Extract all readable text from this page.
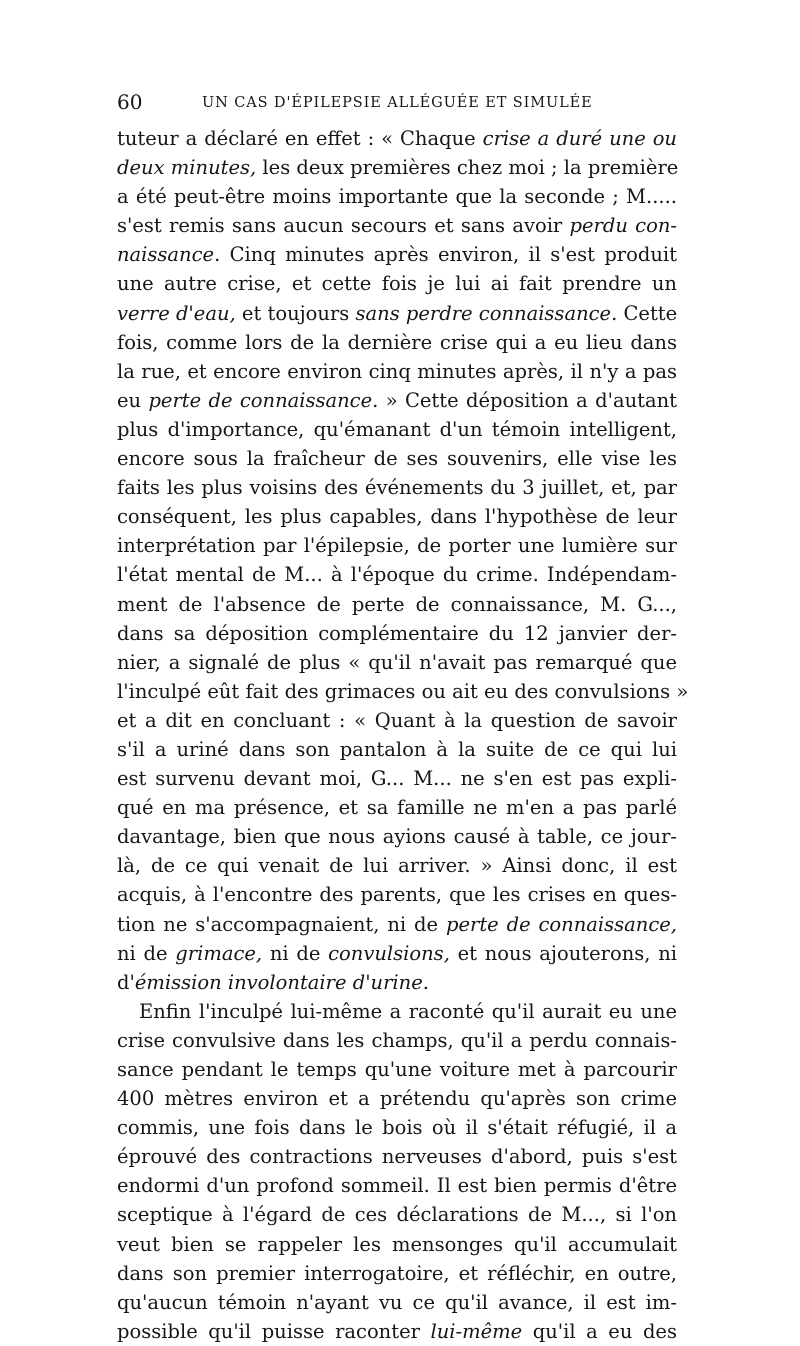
60	UN CAS D'ÉPILEPSIE ALLÉGUÉE ET SIMULÉE
tuteur a déclaré en effet : « Chaque crise a duré une ou
deux minutes, les deux premières chez moi ; la première
a été peut-être moins importante que la seconde ; M.....
s'est remis sans aucun secours et sans avoir perdu con-
naissance. Cinq minutes après environ, il s'est produit
une autre crise, et cette fois je lui ai fait prendre un
verre d'eau, et toujours sans perdre connaissance. Cette
fois, comme lors de la dernière crise qui a eu lieu dans
la rue, et encore environ cinq minutes après, il n'y a pas
eu perte de connaissance. » Cette déposition a d'autant
plus d'importance, qu'émanant d'un témoin intelligent,
encore sous la fraîcheur de ses souvenirs, elle vise les
faits les plus voisins des événements du 3 juillet, et, par
conséquent, les plus capables, dans l'hypothèse de leur
interprétation par l'épilepsie, de porter une lumière sur
l'état mental de M... à l'époque du crime. Indépendam-
ment de l'absence de perte de connaissance, M. G...,
dans sa déposition complémentaire du 12 janvier der-
nier, a signalé de plus « qu'il n'avait pas remarqué que
l'inculpé eût fait des grimaces ou ait eu des convulsions »
et a dit en concluant : « Quant à la question de savoir
s'il a uriné dans son pantalon à la suite de ce qui lui
est survenu devant moi, G... M... ne s'en est pas expli-
qué en ma présence, et sa famille ne m'en a pas parlé
davantage, bien que nous ayions causé à table, ce jour-
là, de ce qui venait de lui arriver. » Ainsi donc, il est
acquis, à l'encontre des parents, que les crises en ques-
tion ne s'accompagnaient, ni de perte de connaissance,
ni de grimace, ni de convulsions, et nous ajouterons, ni
d'émission involontaire d'urine.
Enfin l'inculpé lui-même a raconté qu'il aurait eu une
crise convulsive dans les champs, qu'il a perdu connais-
sance pendant le temps qu'une voiture met à parcourir
400 mètres environ et a prétendu qu'après son crime
commis, une fois dans le bois où il s'était réfugié, il a
éprouvé des contractions nerveuses d'abord, puis s'est
endormi d'un profond sommeil. Il est bien permis d'être
sceptique à l'égard de ces déclarations de M..., si l'on
veut bien se rappeler les mensonges qu'il accumulait
dans son premier interrogatoire, et réfléchir, en outre,
qu'aucun témoin n'ayant vu ce qu'il avance, il est im-
possible qu'il puisse raconter lui-même qu'il a eu des
